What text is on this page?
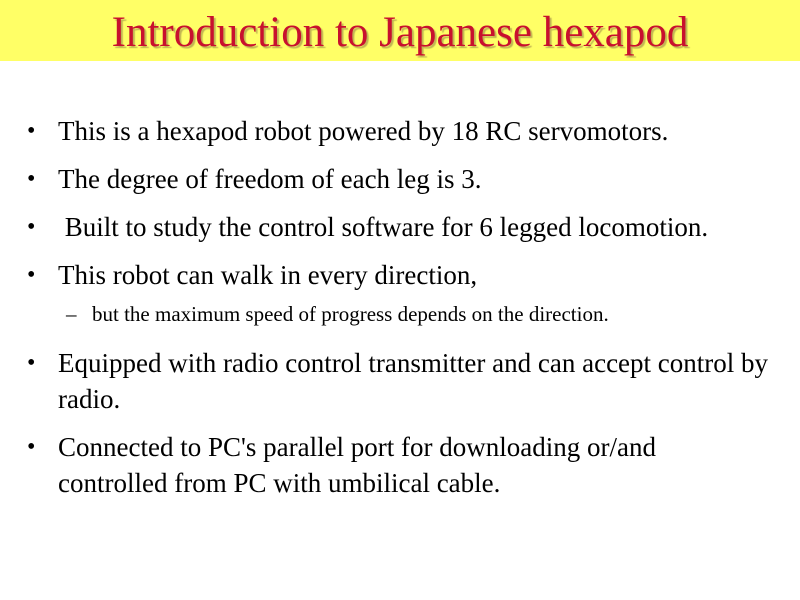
Introduction to Japanese hexapod
• This is a hexapod robot powered by 18 RC servomotors.
• The degree of freedom of each leg is 3.
• Built to study the control software for 6 legged locomotion.
• This robot can walk in every direction,
– but the maximum speed of progress depends on the direction.
• Equipped with radio control transmitter and can accept control by radio.
• Connected to PC's parallel port for downloading or/and controlled from PC with umbilical cable.
